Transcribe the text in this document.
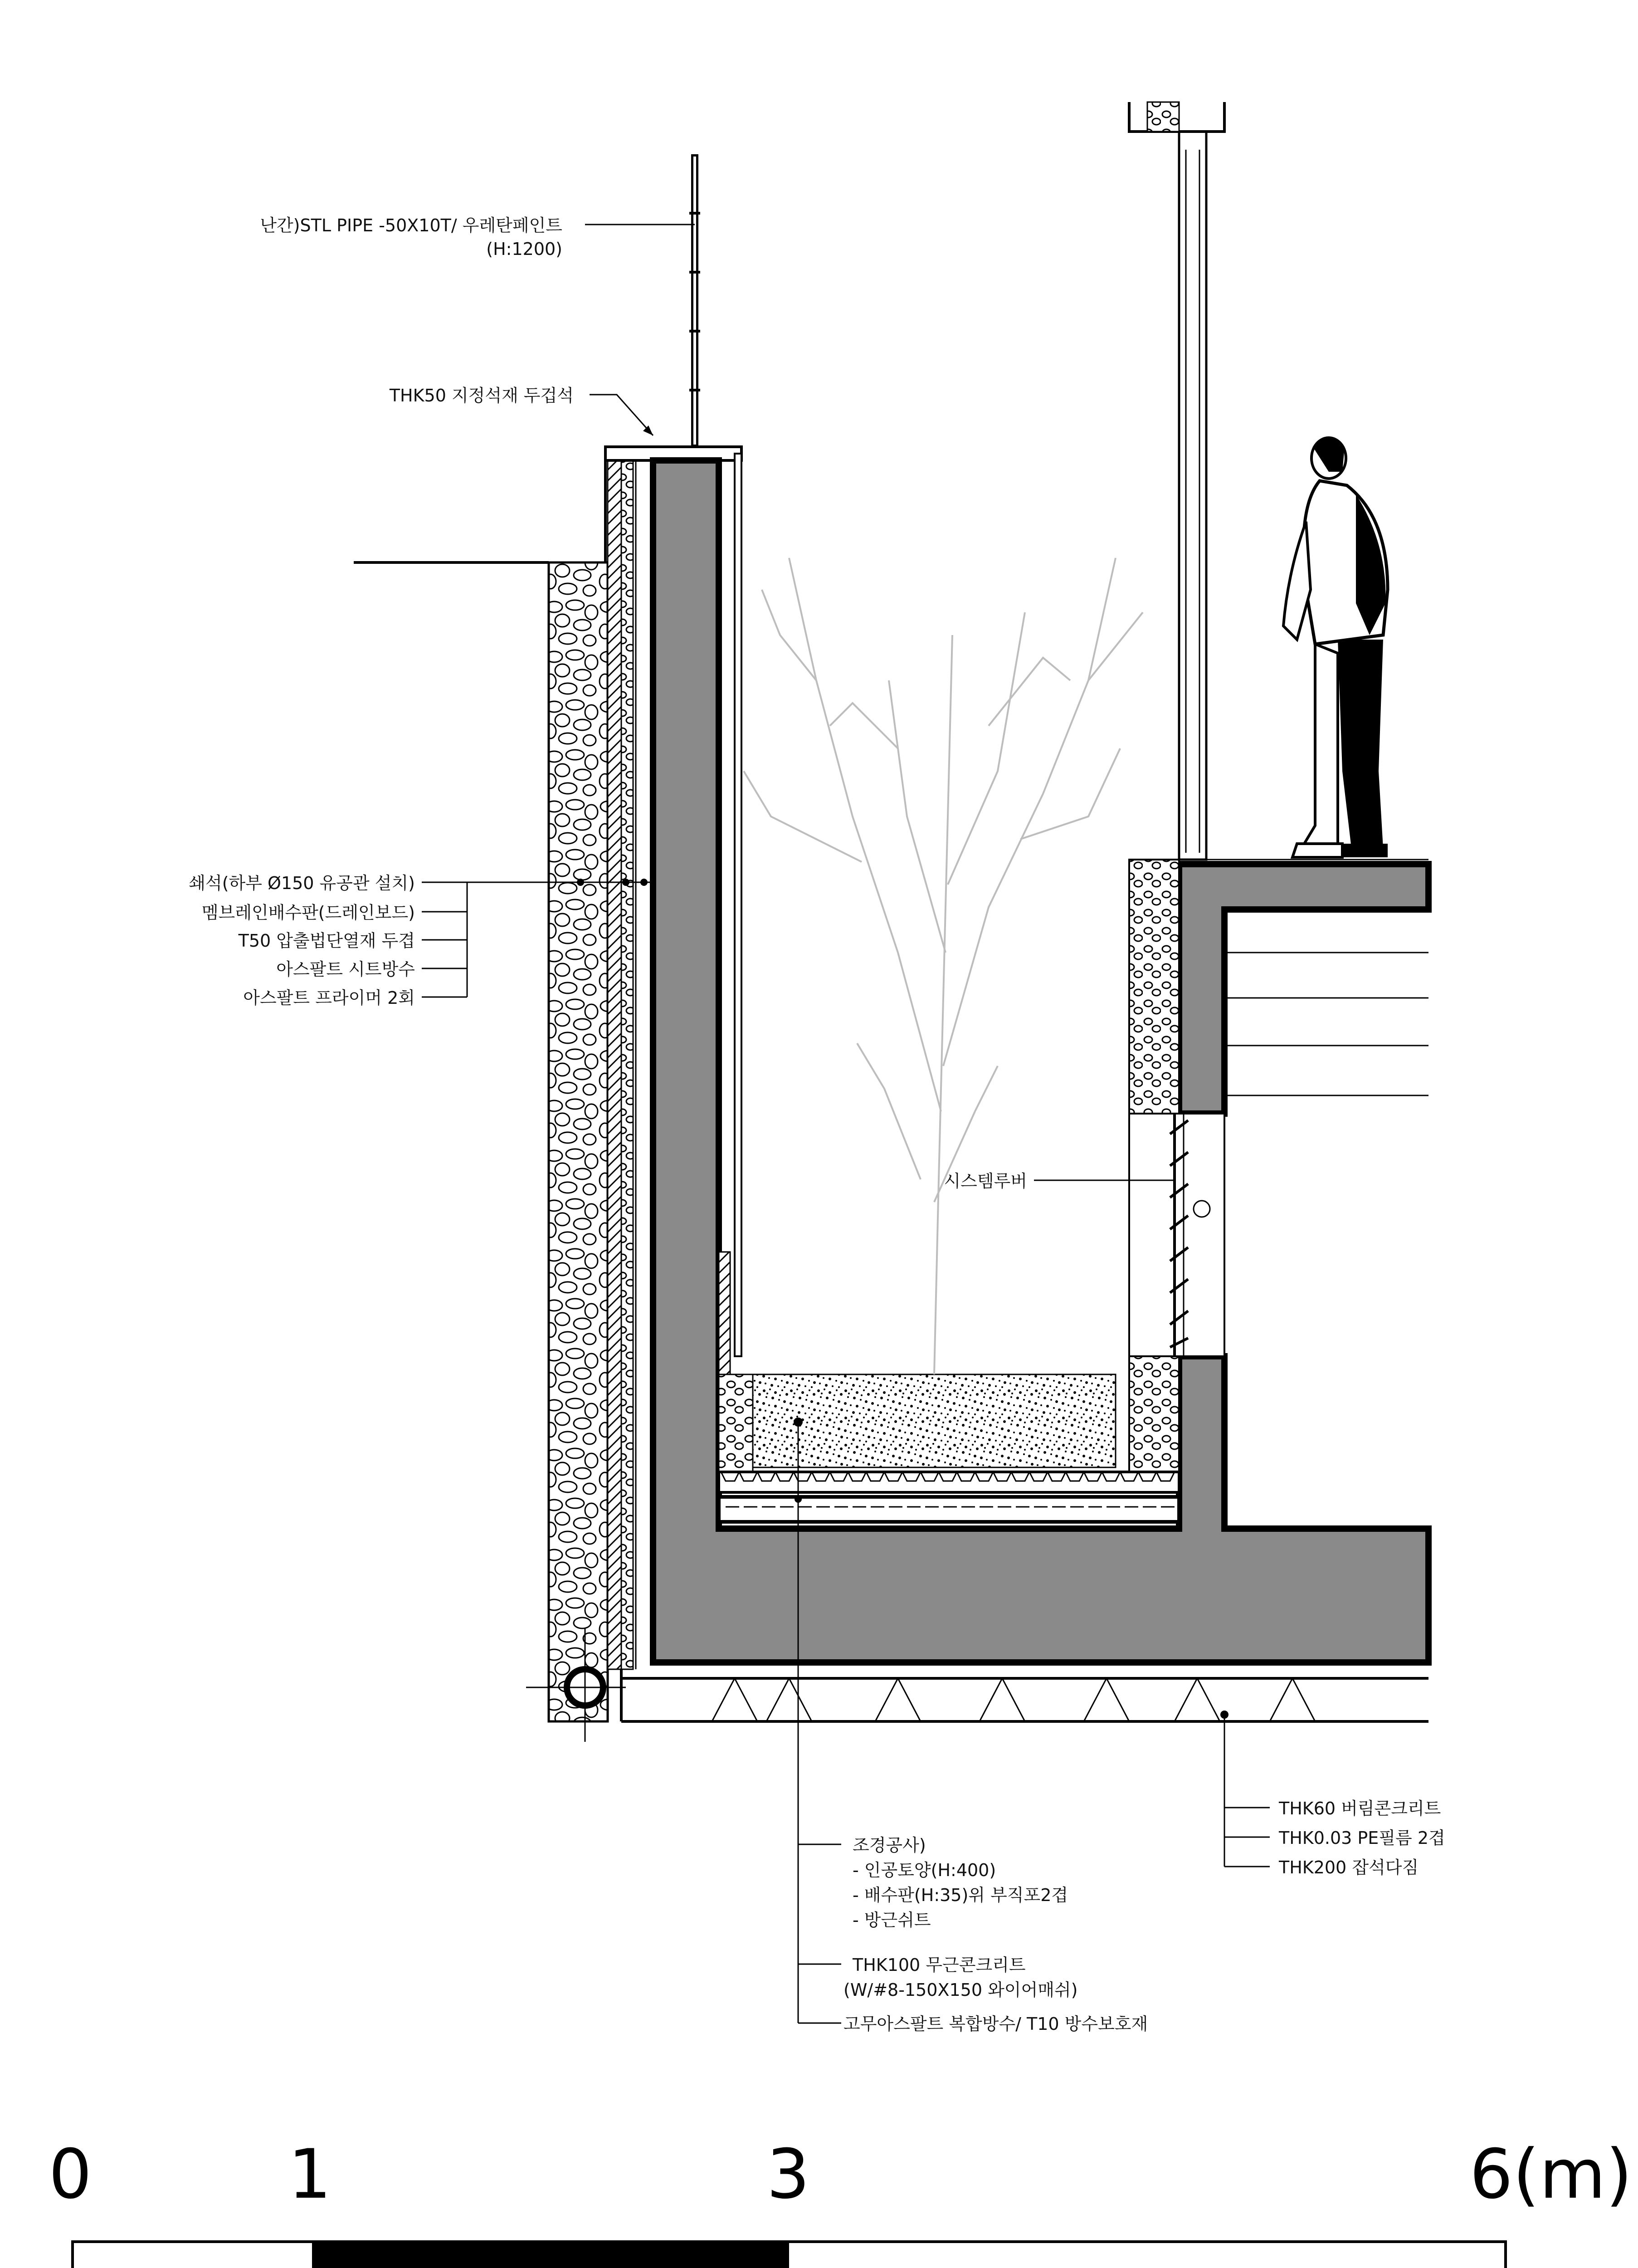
난간)STL PIPE -50X10T/ 우레탄페인트
(H:1200)
THK50 지정석재 두겁석
쇄석(하부 Ø150 유공관 설치)
멤브레인배수판(드레인보드)
T50 압출법단열재 두겹
아스팔트 시트방수
아스팔트 프라이머 2회
시스템루버
조경공사)
- 인공토양(H:400)
- 배수판(H:35)위 부직포2겹
- 방근쉬트
THK100 무근콘크리트
(W/#8-150X150 와이어매쉬)
고무아스팔트 복합방수/ T10 방수보호재
THK60 버림콘크리트
THK0.03 PE필름 2겹
THK200 잡석다짐
0	1	3	6(m)
